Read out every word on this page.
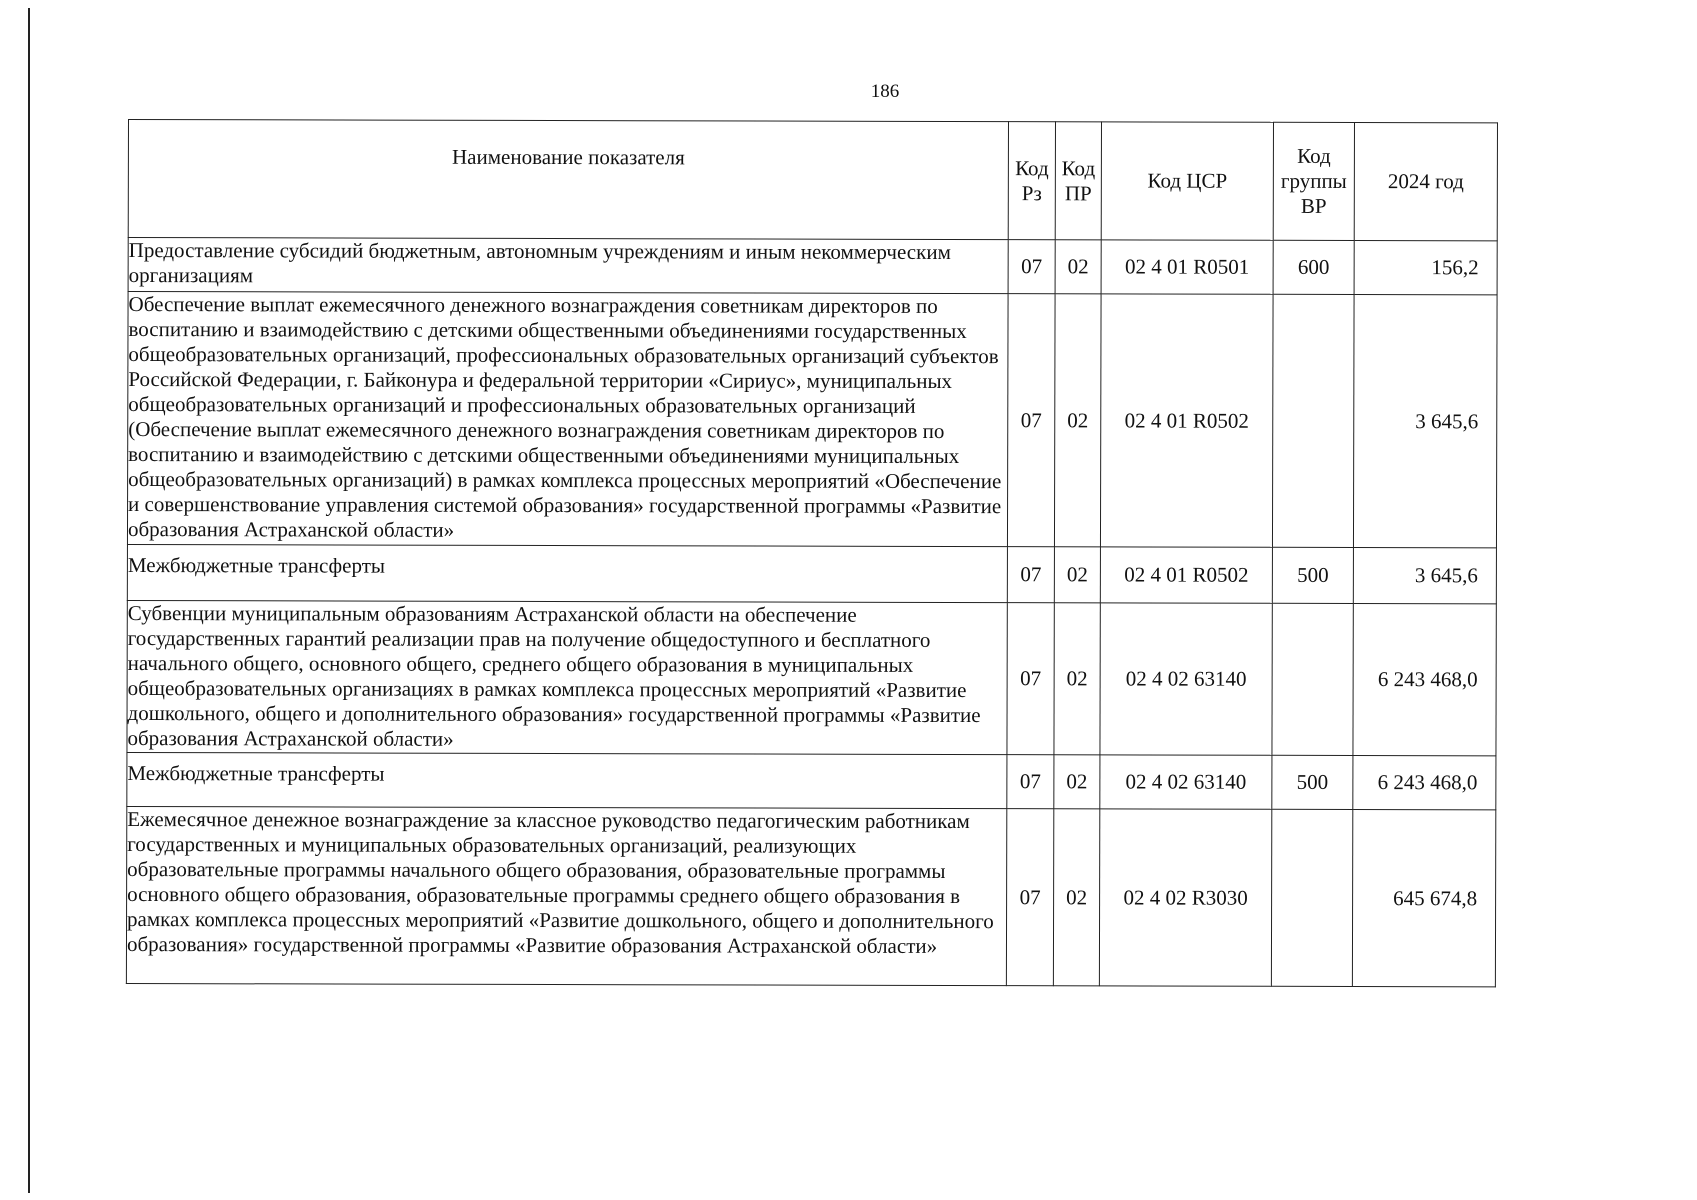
186
Наименование показателя	Код Рз	Код ПР	Код ЦСР	Код группы ВР	2024 год
Предоставление субсидий бюджетным, автономным учреждениям и иным некоммерческим организациям	07	02	02 4 01 R0501	600	156,2
Обеспечение выплат ежемесячного денежного вознаграждения советникам директоров по воспитанию и взаимодействию с детскими общественными объединениями государственных общеобразовательных организаций, профессиональных образовательных организаций субъектов Российской Федерации, г. Байконура и федеральной территории «Сириус», муниципальных общеобразовательных организаций и профессиональных образовательных организаций (Обеспечение выплат ежемесячного денежного вознаграждения советникам директоров по воспитанию и взаимодействию с детскими общественными объединениями муниципальных общеобразовательных организаций) в рамках комплекса процессных мероприятий «Обеспечение и совершенствование управления системой образования» государственной программы «Развитие образования Астраханской области»	07	02	02 4 01 R0502		3 645,6
Межбюджетные трансферты	07	02	02 4 01 R0502	500	3 645,6
Субвенции муниципальным образованиям Астраханской области на обеспечение государственных гарантий реализации прав на получение общедоступного и бесплатного начального общего, основного общего, среднего общего образования в муниципальных общеобразовательных организациях в рамках комплекса процессных мероприятий «Развитие дошкольного, общего и дополнительного образования» государственной программы «Развитие образования Астраханской области»	07	02	02 4 02 63140		6 243 468,0
Межбюджетные трансферты	07	02	02 4 02 63140	500	6 243 468,0
Ежемесячное денежное вознаграждение за классное руководство педагогическим работникам государственных и муниципальных образовательных организаций, реализующих образовательные программы начального общего образования, образовательные программы основного общего образования, образовательные программы среднего общего образования в рамках комплекса процессных мероприятий «Развитие дошкольного, общего и дополнительного образования» государственной программы «Развитие образования Астраханской области»	07	02	02 4 02 R3030		645 674,8
